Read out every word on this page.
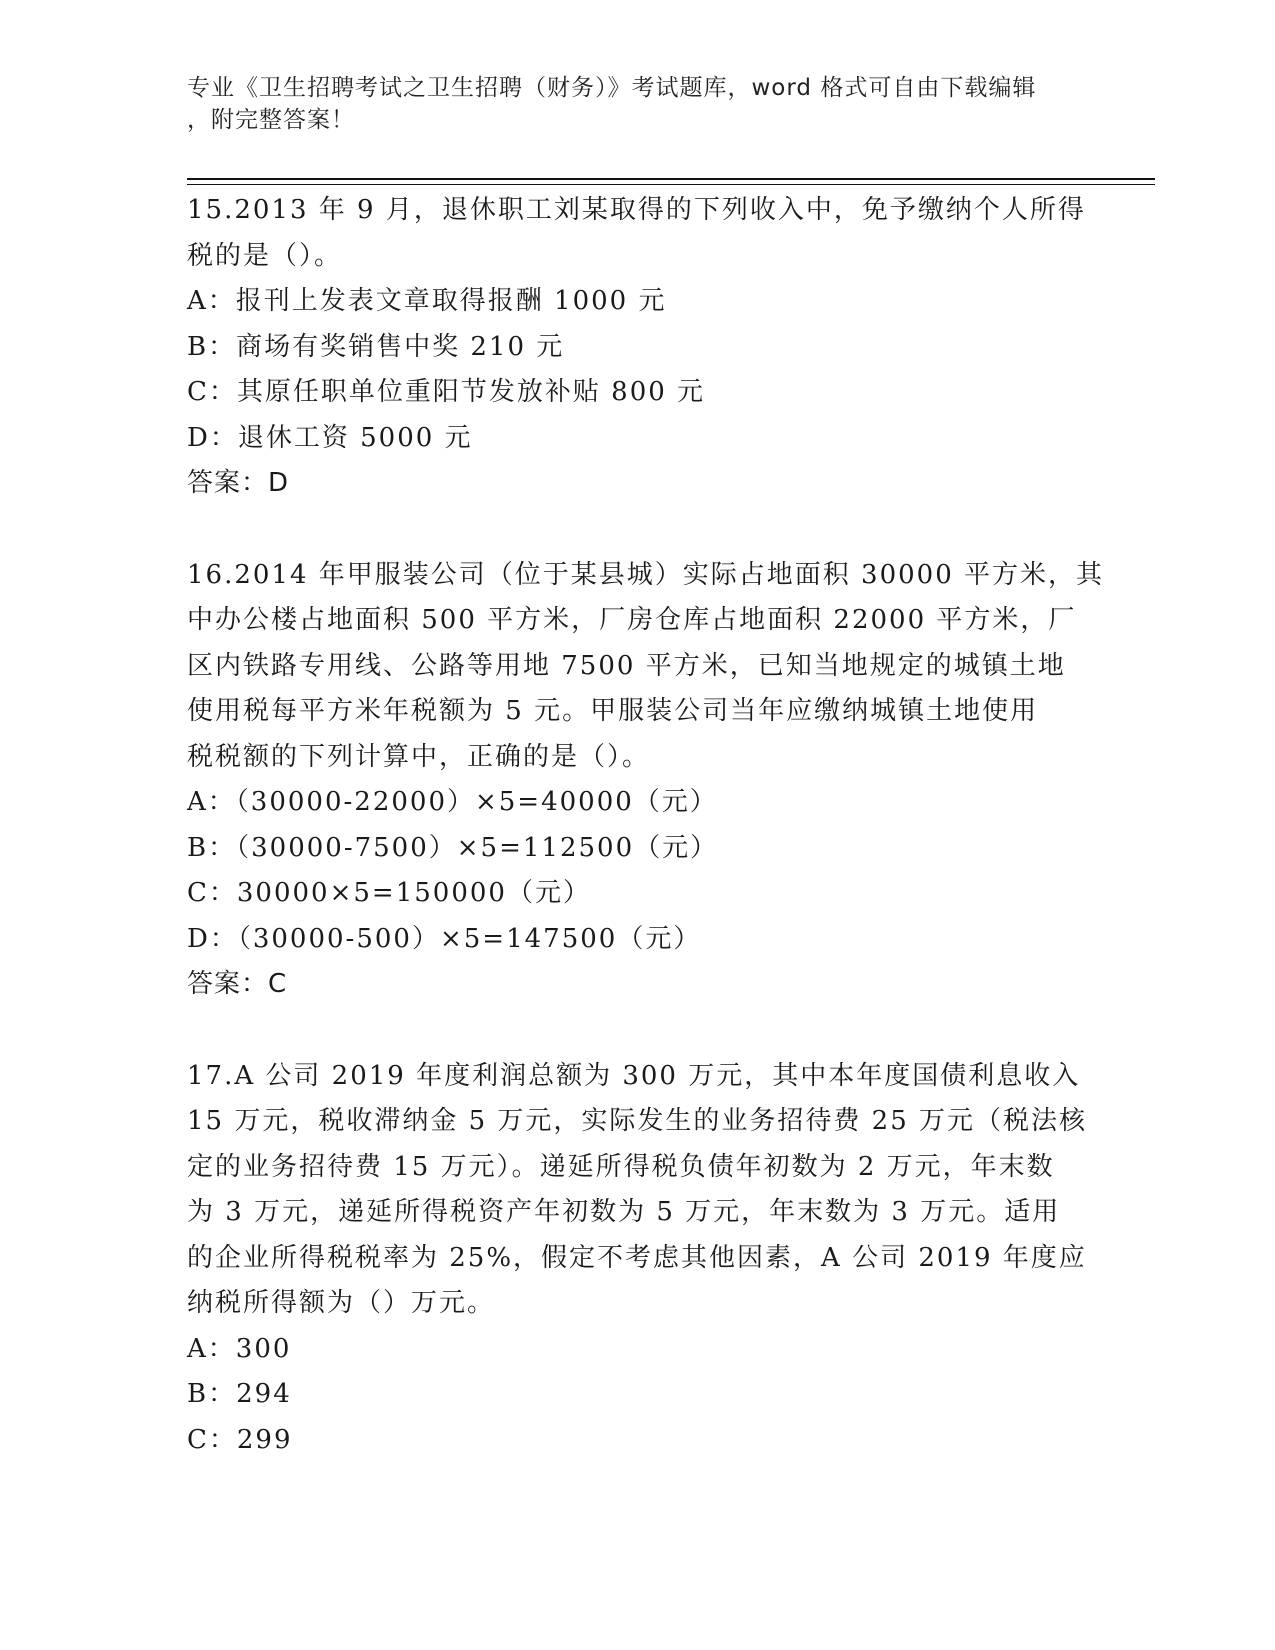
专业《卫生招聘考试之卫生招聘（财务）》考试题库，word 格式可自由下载编辑

，附完整答案！

15.2013 年 9 月，退休职工刘某取得的下列收入中，免予缴纳个人所得
税的是（）。

A：报刊上发表文章取得报酬 1000 元
B：商场有奖销售中奖 210 元
C：其原任职单位重阳节发放补贴 800 元
D：退休工资 5000 元

答案：D

16.2014 年甲服装公司（位于某县城）实际占地面积 30000 平方米，其
中办公楼占地面积 500 平方米，厂房仓库占地面积 22000 平方米，厂
区内铁路专用线、公路等用地 7500 平方米，已知当地规定的城镇土地
使用税每平方米年税额为 5 元。甲服装公司当年应缴纳城镇土地使用
税税额的下列计算中，正确的是（）。

A：（30000-22000）×5=40000（元）
B：（30000-7500）×5=112500（元）
C：30000×5=150000（元）
D：（30000-500）×5=147500（元）

答案：C

17.A 公司 2019 年度利润总额为 300 万元，其中本年度国债利息收入
15 万元，税收滞纳金 5 万元，实际发生的业务招待费 25 万元（税法核
定的业务招待费 15 万元）。递延所得税负债年初数为 2 万元，年末数
为 3 万元，递延所得税资产年初数为 5 万元，年末数为 3 万元。适用
的企业所得税税率为 25%，假定不考虑其他因素，A 公司 2019 年度应
纳税所得额为（）万元。

A：300
B：294
C：299
